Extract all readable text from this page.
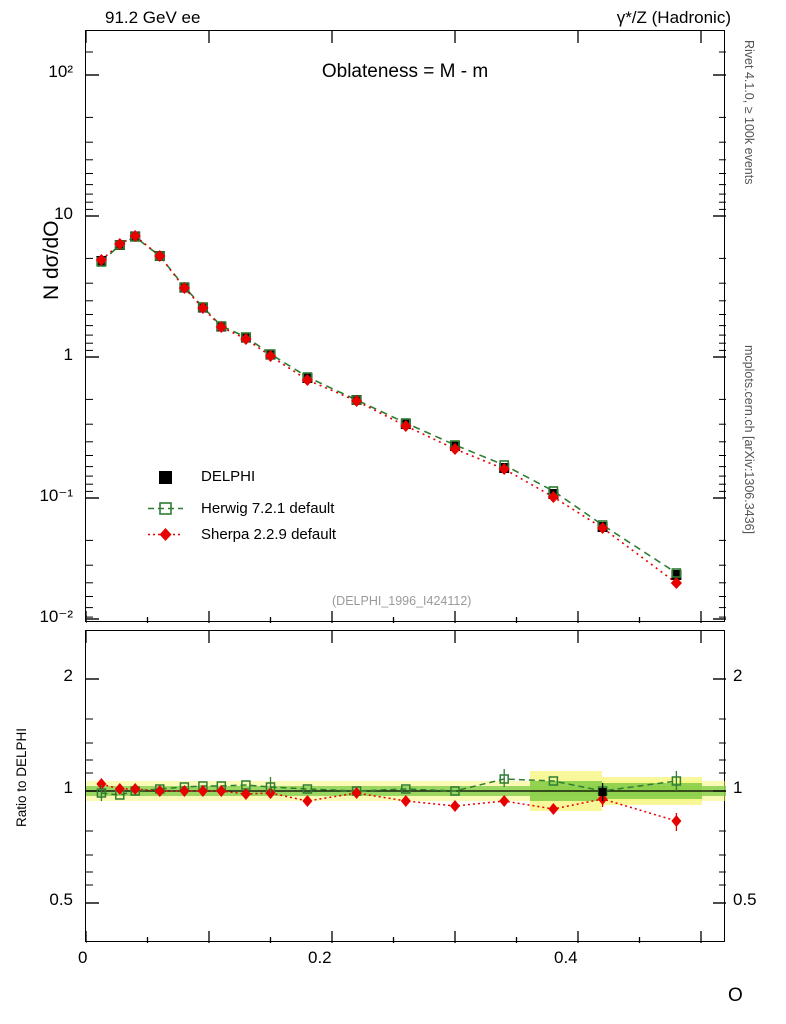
91.2 GeV ee	γ*/Z (Hadronic)
Oblateness = M - m
DELPHI
Herwig 7.2.1 default
Sherpa 2.2.9 default
(DELPHI_1996_I424112)
10²
10
1
10⁻¹
10⁻²
N dσ/dO
Ratio to DELPHI
2
1
0.5
2
1
0.5
0	0.2	0.4
O
Rivet 4.1.0, ≥ 100k events
mcplots.cern.ch [arXiv:1306.3436]
